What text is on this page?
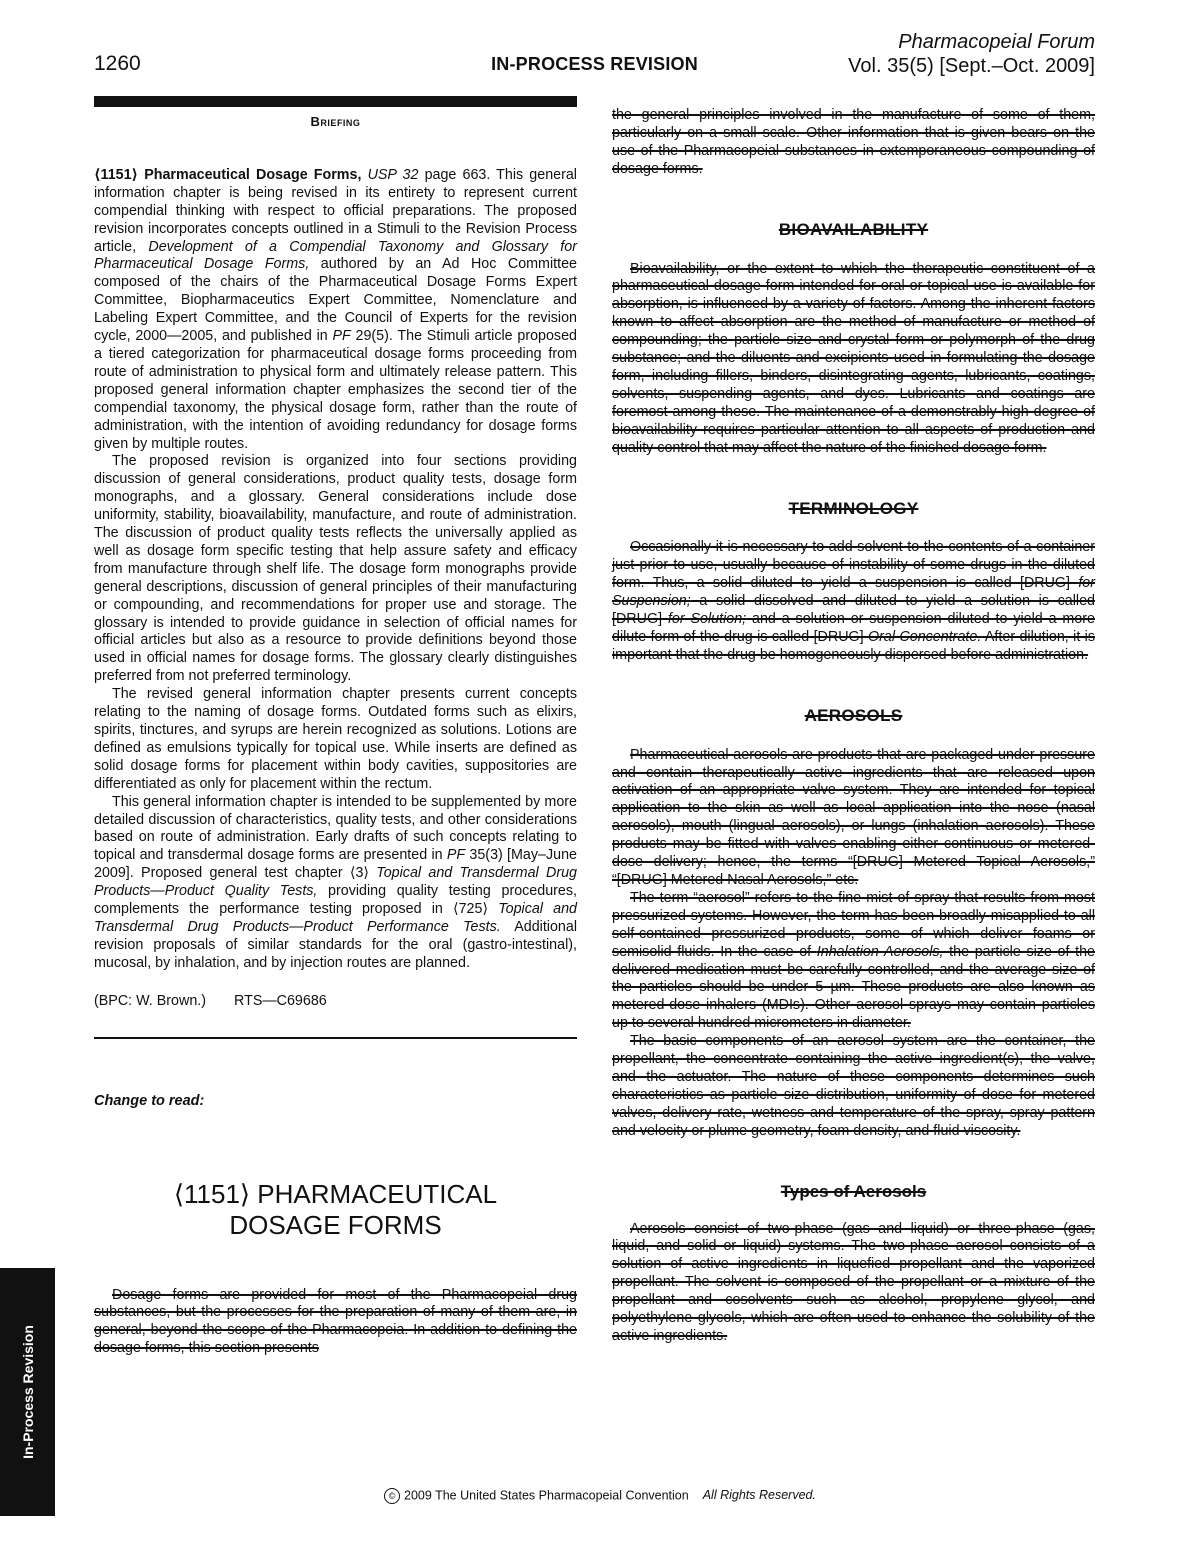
1260	IN-PROCESS REVISION
Pharmacopeial Forum
Vol. 35(5) [Sept.–Oct. 2009]
Briefing

⟨1151⟩ Pharmaceutical Dosage Forms, USP 32 page 663. This general information chapter is being revised in its entirety to represent current compendial thinking with respect to official preparations. The proposed revision incorporates concepts outlined in a Stimuli to the Revision Process article, Development of a Compendial Taxonomy and Glossary for Pharmaceutical Dosage Forms, authored by an Ad Hoc Committee composed of the chairs of the Pharmaceutical Dosage Forms Expert Committee, Biopharmaceutics Expert Committee, Nomenclature and Labeling Expert Committee, and the Council of Experts for the revision cycle, 2000—2005, and published in PF 29(5). The Stimuli article proposed a tiered categorization for pharmaceutical dosage forms proceeding from route of administration to physical form and ultimately release pattern. This proposed general information chapter emphasizes the second tier of the compendial taxonomy, the physical dosage form, rather than the route of administration, with the intention of avoiding redundancy for dosage forms given by multiple routes.

The proposed revision is organized into four sections providing discussion of general considerations, product quality tests, dosage form monographs, and a glossary. General considerations include dose uniformity, stability, bioavailability, manufacture, and route of administration. The discussion of product quality tests reflects the universally applied as well as dosage form specific testing that help assure safety and efficacy from manufacture through shelf life. The dosage form monographs provide general descriptions, discussion of general principles of their manufacturing or compounding, and recommendations for proper use and storage. The glossary is intended to provide guidance in selection of official names for official articles but also as a resource to provide definitions beyond those used in official names for dosage forms. The glossary clearly distinguishes preferred from not preferred terminology.

The revised general information chapter presents current concepts relating to the naming of dosage forms. Outdated forms such as elixirs, spirits, tinctures, and syrups are herein recognized as solutions. Lotions are defined as emulsions typically for topical use. While inserts are defined as solid dosage forms for placement within body cavities, suppositories are differentiated as only for placement within the rectum.

This general information chapter is intended to be supplemented by more detailed discussion of characteristics, quality tests, and other considerations based on route of administration. Early drafts of such concepts relating to topical and transdermal dosage forms are presented in PF 35(3) [May–June 2009]. Proposed general test chapter ⟨3⟩ Topical and Transdermal Drug Products—Product Quality Tests, providing quality testing procedures, complements the performance testing proposed in ⟨725⟩ Topical and Transdermal Drug Products—Product Performance Tests. Additional revision proposals of similar standards for the oral (gastro-intestinal), mucosal, by inhalation, and by injection routes are planned.

(BPC: W. Brown.) RTS—C69686

Change to read:
⟨1151⟩ PHARMACEUTICAL
DOSAGE FORMS

Dosage forms are provided for most of the Pharmacopeial drug substances, but the processes for the preparation of many of them are, in general, beyond the scope of the Pharmacopeia. In addition to defining the dosage forms, this section presents

the general principles involved in the manufacture of some of them, particularly on a small scale. Other information that is given bears on the use of the Pharmacopeial substances in extemporaneous compounding of dosage forms.

BIOAVAILABILITY

Bioavailability, or the extent to which the therapeutic constituent of a pharmaceutical dosage form intended for oral or topical use is available for absorption, is influenced by a variety of factors. Among the inherent factors known to affect absorption are the method of manufacture or method of compounding; the particle size and crystal form or polymorph of the drug substance; and the diluents and excipients used in formulating the dosage form, including fillers, binders, disintegrating agents, lubricants, coatings, solvents, suspending agents, and dyes. Lubricants and coatings are foremost among these. The maintenance of a demonstrably high degree of bioavailability requires particular attention to all aspects of production and quality control that may affect the nature of the finished dosage form.

TERMINOLOGY

Occasionally it is necessary to add solvent to the contents of a container just prior to use, usually because of instability of some drugs in the diluted form. Thus, a solid diluted to yield a suspension is called [DRUG] for Suspension; a solid dissolved and diluted to yield a solution is called [DRUG] for Solution; and a solution or suspension diluted to yield a more dilute form of the drug is called [DRUG] Oral Concentrate. After dilution, it is important that the drug be homogeneously dispersed before administration.

AEROSOLS

Pharmaceutical aerosols are products that are packaged under pressure and contain therapeutically active ingredients that are released upon activation of an appropriate valve system. They are intended for topical application to the skin as well as local application into the nose (nasal aerosols), mouth (lingual aerosols), or lungs (inhalation aerosols). These products may be fitted with valves enabling either continuous or metered-dose delivery; hence, the terms “[DRUG] Metered Topical Aerosols,” “[DRUG] Metered Nasal Aerosols,” etc.

The term “aerosol” refers to the fine mist of spray that results from most pressurized systems. However, the term has been broadly misapplied to all self-contained pressurized products, some of which deliver foams or semisolid fluids. In the case of Inhalation Aerosols, the particle size of the delivered medication must be carefully controlled, and the average size of the particles should be under 5 µm. These products are also known as metered-dose inhalers (MDIs). Other aerosol sprays may contain particles up to several hundred micrometers in diameter.

The basic components of an aerosol system are the container, the propellant, the concentrate containing the active ingredient(s), the valve, and the actuator. The nature of these components determines such characteristics as particle size distribution, uniformity of dose for metered valves, delivery rate, wetness and temperature of the spray, spray pattern and velocity or plume geometry, foam density, and fluid viscosity.

Types of Aerosols

Aerosols consist of two-phase (gas and liquid) or three-phase (gas, liquid, and solid or liquid) systems. The two-phase aerosol consists of a solution of active ingredients in liquefied propellant and the vaporized propellant. The solvent is composed of the propellant or a mixture of the propellant and cosolvents such as alcohol, propylene glycol, and polyethylene glycols, which are often used to enhance the solubility of the active ingredients.

In-Process Revision
© 2009 The United States Pharmacopeial Convention All Rights Reserved.
